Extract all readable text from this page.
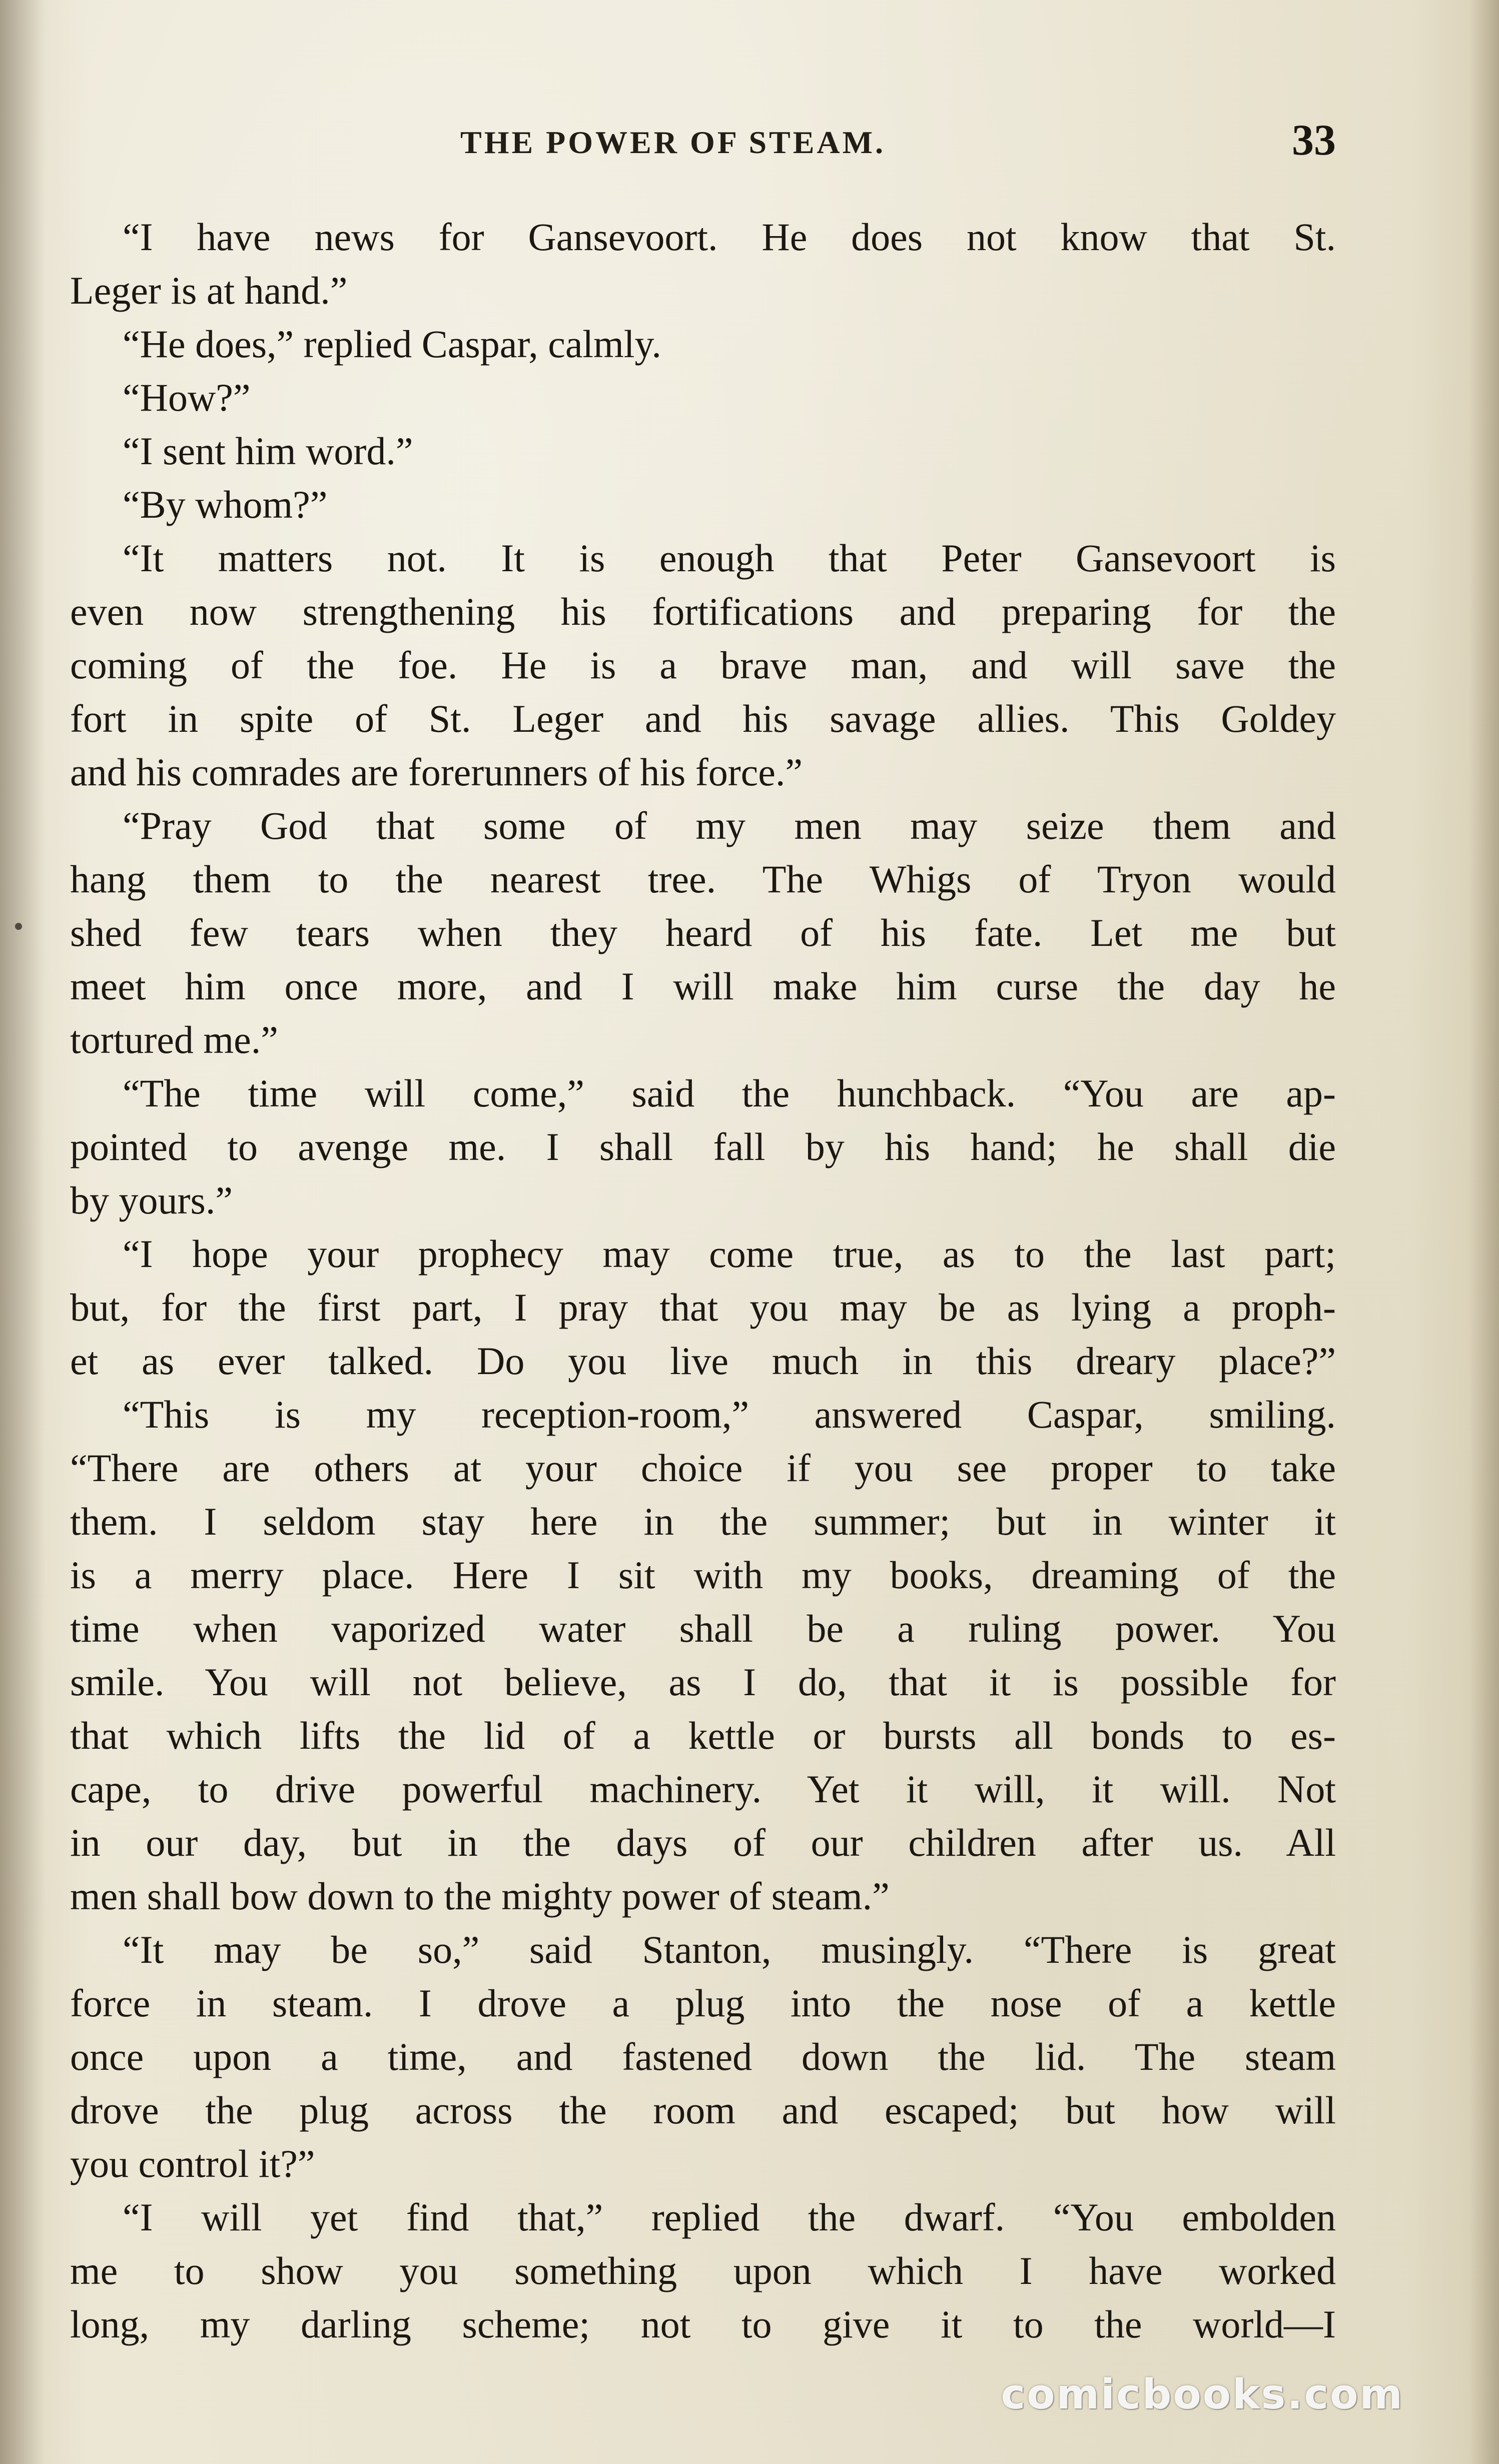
THE POWER OF STEAM.	33
“I have news for Gansevoort. He does not know that St.
Leger is at hand.”
“He does,” replied Caspar, calmly.
“How?”
“I sent him word.”
“By whom?”
“It matters not. It is enough that Peter Gansevoort is
even now strengthening his fortifications and preparing for the
coming of the foe. He is a brave man, and will save the
fort in spite of St. Leger and his savage allies. This Goldey
and his comrades are forerunners of his force.”
“Pray God that some of my men may seize them and
hang them to the nearest tree. The Whigs of Tryon would
shed few tears when they heard of his fate. Let me but
meet him once more, and I will make him curse the day he
tortured me.”
“The time will come,” said the hunchback. “You are ap-
pointed to avenge me. I shall fall by his hand; he shall die
by yours.”
“I hope your prophecy may come true, as to the last part;
but, for the first part, I pray that you may be as lying a proph-
et as ever talked. Do you live much in this dreary place?”
“This is my reception-room,” answered Caspar, smiling.
“There are others at your choice if you see proper to take
them. I seldom stay here in the summer; but in winter it
is a merry place. Here I sit with my books, dreaming of the
time when vaporized water shall be a ruling power. You
smile. You will not believe, as I do, that it is possible for
that which lifts the lid of a kettle or bursts all bonds to es-
cape, to drive powerful machinery. Yet it will, it will. Not
in our day, but in the days of our children after us. All
men shall bow down to the mighty power of steam.”
“It may be so,” said Stanton, musingly. “There is great
force in steam. I drove a plug into the nose of a kettle
once upon a time, and fastened down the lid. The steam
drove the plug across the room and escaped; but how will
you control it?”
“I will yet find that,” replied the dwarf. “You embolden
me to show you something upon which I have worked
long, my darling scheme; not to give it to the world—I
comicbooks.com
